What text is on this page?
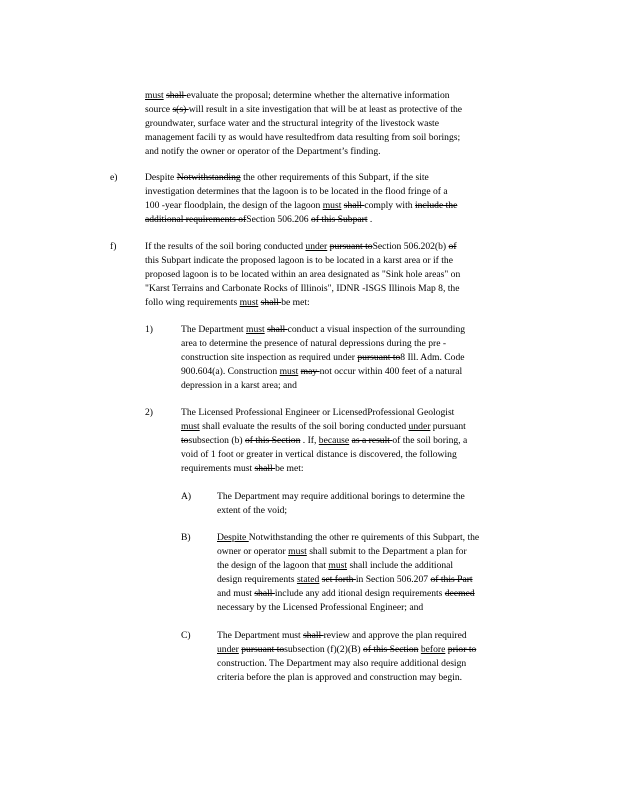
must shall evaluate the proposal; determine whether the alternative information
source s(s) will result in a site investigation that will be at least as protective of the
groundwater, surface water and the structural integrity of the livestock waste
management facili ty as would have resultedfrom data resulting from soil borings;
and notify the owner or operator of the Department’s finding.
e)	Despite Notwithstanding the other requirements of this Subpart, if the site
investigation determines that the lagoon is to be located in the flood fringe of a
100 -year floodplain, the design of the lagoon must shall comply with include the
additional requirements ofSection 506.206 of this Subpart .
f)	If the results of the soil boring conducted under pursuant toSection 506.202(b) of
this Subpart indicate the proposed lagoon is to be located in a karst area or if the
proposed lagoon is to be located within an area designated as "Sink hole areas" on
"Karst Terrains and Carbonate Rocks of Illinois", IDNR -ISGS Illinois Map 8, the
follo wing requirements must shall be met:
1)	The Department must shall conduct a visual inspection of the surrounding
area to determine the presence of natural depressions during the pre -
construction site inspection as required under pursuant to8 Ill. Adm. Code
900.604(a). Construction must may not occur within 400 feet of a natural
depression in a karst area; and
2)	The Licensed Professional Engineer or LicensedProfessional Geologist
must shall evaluate the results of the soil boring conducted under pursuant
tosubsection (b) of this Section . If, because as a result of the soil boring, a
void of 1 foot or greater in vertical distance is discovered, the following
requirements must shall be met:
A)	The Department may require additional borings to determine the
extent of the void;
B)	Despite Notwithstanding the other re quirements of this Subpart, the
owner or operator must shall submit to the Department a plan for
the design of the lagoon that must shall include the additional
design requirements stated set forth in Section 506.207 of this Part
and must shall include any add itional design requirements deemed
necessary by the Licensed Professional Engineer; and
C)	The Department must shall review and approve the plan required
under pursuant tosubsection (f)(2)(B) of this Section before prior to
construction. The Department may also require additional design
criteria before the plan is approved and construction may begin.
